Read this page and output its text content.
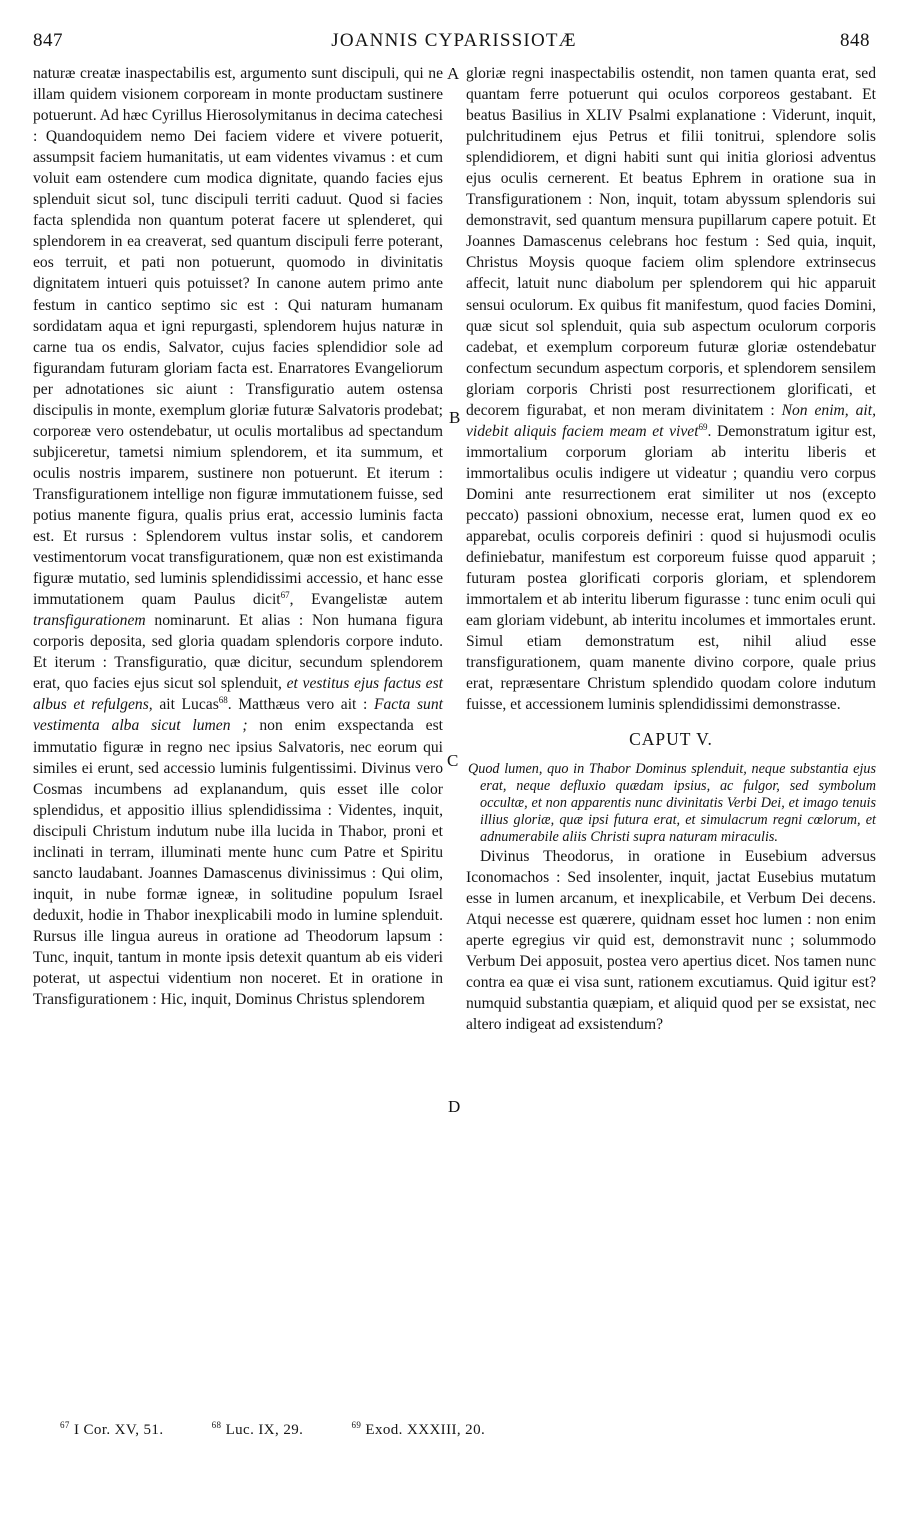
847	JOANNIS CYPARISSIOTÆ	848
A
B
C
D

naturæ creatæ inaspectabilis est, argumento sunt discipuli, qui ne illam quidem visionem corpoream in monte productam sustinere potuerunt. Ad hæc Cyrillus Hierosolymitanus in decima catechesi : Quandoquidem nemo Dei faciem videre et vivere potuerit, assumpsit faciem humanitatis, ut eam videntes vivamus : et cum voluit eam ostendere cum modica dignitate, quando facies ejus splenduit sicut sol, tunc discipuli territi caduut. Quod si facies facta splendida non quantum poterat facere ut splenderet, qui splendorem in ea creaverat, sed quantum discipuli ferre poterant, eos terruit, et pati non potuerunt, quomodo in divinitatis dignitatem intueri quis potuisset? In canone autem primo ante festum in cantico septimo sic est : Qui naturam humanam sordidatam aqua et igni repurgasti, splendorem hujus naturæ in carne tua os endis, Salvator, cujus facies splendidior sole ad figurandam futuram gloriam facta est. Enarratores Evangeliorum per adnotationes sic aiunt : Transfiguratio autem ostensa discipulis in monte, exemplum gloriæ futuræ Salvatoris prodebat; corporeæ vero ostendebatur, ut oculis mortalibus ad spectandum subjiceretur, tametsi nimium splendorem, et ita summum, et oculis nostris imparem, sustinere non potuerunt. Et iterum : Transfigurationem intellige non figuræ immutationem fuisse, sed potius manente figura, qualis prius erat, accessio luminis facta est. Et rursus : Splendorem vultus instar solis, et candorem vestimentorum vocat transfigurationem, quæ non est existimanda figuræ mutatio, sed luminis splendidissimi accessio, et hanc esse immutationem quam Paulus dicit$^{67}$, Evangelistæ autem transfigurationem nominarunt. Et alias : Non humana figura corporis deposita, sed gloria quadam splendoris corpore induto. Et iterum : Transfiguratio, quæ dicitur, secundum splendorem erat, quo facies ejus sicut sol splenduit, et vestitus ejus factus est albus et refulgens, ait Lucas$^{68}$. Matthæus vero ait : Facta sunt vestimenta alba sicut lumen ; non enim exspectanda est immutatio figuræ in regno nec ipsius Salvatoris, nec eorum qui similes ei erunt, sed accessio luminis fulgentissimi. Divinus vero Cosmas incumbens ad explanandum, quis esset ille color splendidus, et appositio illius splendidissima : Videntes, inquit, discipuli Christum indutum nube illa lucida in Thabor, proni et inclinati in terram, illuminati mente hunc cum Patre et Spiritu sancto laudabant. Joannes Damascenus divinissimus : Qui olim, inquit, in nube formæ igneæ, in solitudine populum Israel deduxit, hodie in Thabor inexplicabili modo in lumine splenduit. Rursus ille lingua aureus in oratione ad Theodorum lapsum : Tunc, inquit, tantum in monte ipsis detexit quantum ab eis videri poterat, ut aspectui videntium non noceret. Et in oratione in Transfigurationem : Hic, inquit, Dominus Christus splendorem

gloriæ regni inaspectabilis ostendit, non tamen quanta erat, sed quantam ferre potuerunt qui oculos corporeos gestabant. Et beatus Basilius in XLIV Psalmi explanatione : Viderunt, inquit, pulchritudinem ejus Petrus et filii tonitrui, splendore solis splendidiorem, et digni habiti sunt qui initia gloriosi adventus ejus oculis cernerent. Et beatus Ephrem in oratione sua in Transfigurationem : Non, inquit, totam abyssum splendoris sui demonstravit, sed quantum mensura pupillarum capere potuit. Et Joannes Damascenus celebrans hoc festum : Sed quia, inquit, Christus Moysis quoque faciem olim splendore extrinsecus affecit, latuit nunc diabolum per splendorem qui hic apparuit sensui oculorum. Ex quibus fit manifestum, quod facies Domini, quæ sicut sol splenduit, quia sub aspectum oculorum corporis cadebat, et exemplum corporeum futuræ gloriæ ostendebatur confectum secundum aspectum corporis, et splendorem sensilem gloriam corporis Christi post resurrectionem glorificati, et decorem figurabat, et non meram divinitatem : Non enim, ait, videbit aliquis faciem meam et vivet$^{69}$. Demonstratum igitur est, immortalium corporum gloriam ab interitu liberis et immortalibus oculis indigere ut videatur ; quandiu vero corpus Domini ante resurrectionem erat similiter ut nos (excepto peccato) passioni obnoxium, necesse erat, lumen quod ex eo apparebat, oculis corporeis definiri : quod si hujusmodi oculis definiebatur, manifestum est corporeum fuisse quod apparuit ; futuram postea glorificati corporis gloriam, et splendorem immortalem et ab interitu liberum figurasse : tunc enim oculi qui eam gloriam videbunt, ab interitu incolumes et immortales erunt. Simul etiam demonstratum est, nihil aliud esse transfigurationem, quam manente divino corpore, quale prius erat, repræsentare Christum splendido quodam colore indutum fuisse, et accessionem luminis splendidissimi demonstrasse.

CAPUT V.

Quod lumen, quo in Thabor Dominus splenduit, neque substantia ejus erat, neque defluxio quædam ipsius, ac fulgor, sed symbolum occultæ, et non apparentis nunc divinitatis Verbi Dei, et imago tenuis illius gloriæ, quæ ipsi futura erat, et simulacrum regni cœlorum, et adnumerabile aliis Christi supra naturam miraculis.

Divinus Theodorus, in oratione in Eusebium adversus Iconomachos : Sed insolenter, inquit, jactat Eusebius mutatum esse in lumen arcanum, et inexplicabile, et Verbum Dei decens. Atqui necesse est quærere, quidnam esset hoc lumen : non enim aperte egregius vir quid est, demonstravit nunc ; solummodo Verbum Dei apposuit, postea vero apertius dicet. Nos tamen nunc contra ea quæ ei visa sunt, rationem excutiamus. Quid igitur est? numquid substantia quæpiam, et aliquid quod per se exsistat, nec altero indigeat ad exsistendum?

$^{67}$ I Cor. XV, 51.	$^{68}$ Luc. IX, 29.	$^{69}$ Exod. XXXIII, 20.
